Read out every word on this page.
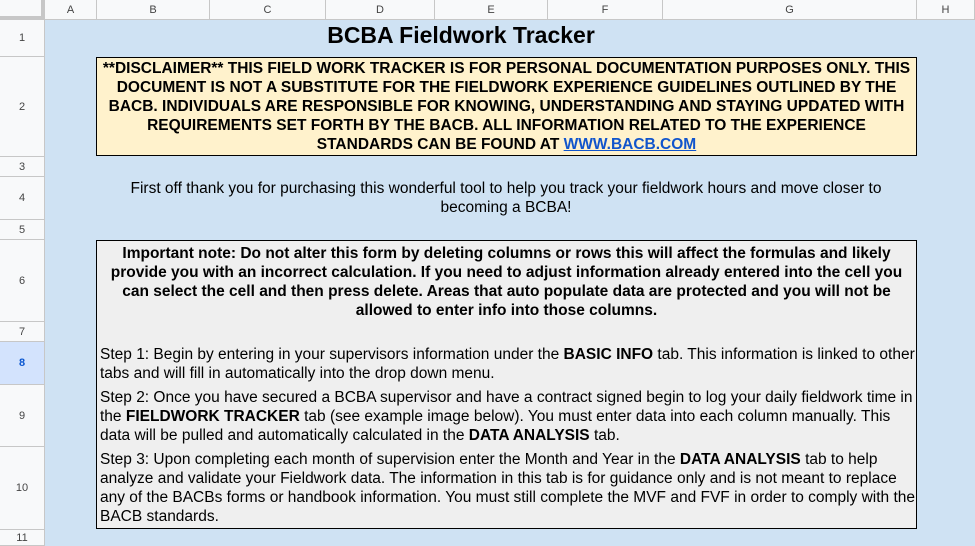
A	B	C	D	E	F	G	H
1
2
3
4
5
6
7
8
9
10
11
BCBA Fieldwork Tracker
**DISCLAIMER** THIS FIELD WORK TRACKER IS FOR PERSONAL DOCUMENTATION PURPOSES ONLY. THIS DOCUMENT IS NOT A SUBSTITUTE FOR THE FIELDWORK EXPERIENCE GUIDELINES OUTLINED BY THE BACB. INDIVIDUALS ARE RESPONSIBLE FOR KNOWING, UNDERSTANDING AND STAYING UPDATED WITH REQUIREMENTS SET FORTH BY THE BACB. ALL INFORMATION RELATED TO THE EXPERIENCE STANDARDS CAN BE FOUND AT WWW.BACB.COM
First off thank you for purchasing this wonderful tool to help you track your fieldwork hours and move closer to becoming a BCBA!
Important note: Do not alter this form by deleting columns or rows this will affect the formulas and likely provide you with an incorrect calculation. If you need to adjust information already entered into the cell you can select the cell and then press delete. Areas that auto populate data are protected and you will not be allowed to enter info into those columns.
Step 1: Begin by entering in your supervisors information under the BASIC INFO tab. This information is linked to other tabs and will fill in automatically into the drop down menu.
Step 2: Once you have secured a BCBA supervisor and have a contract signed begin to log your daily fieldwork time in the FIELDWORK TRACKER tab (see example image below). You must enter data into each column manually. This data will be pulled and automatically calculated in the DATA ANALYSIS tab.
Step 3: Upon completing each month of supervision enter the Month and Year in the DATA ANALYSIS tab to help analyze and validate your Fieldwork data. The information in this tab is for guidance only and is not meant to replace any of the BACBs forms or handbook information. You must still complete the MVF and FVF in order to comply with the BACB standards.
